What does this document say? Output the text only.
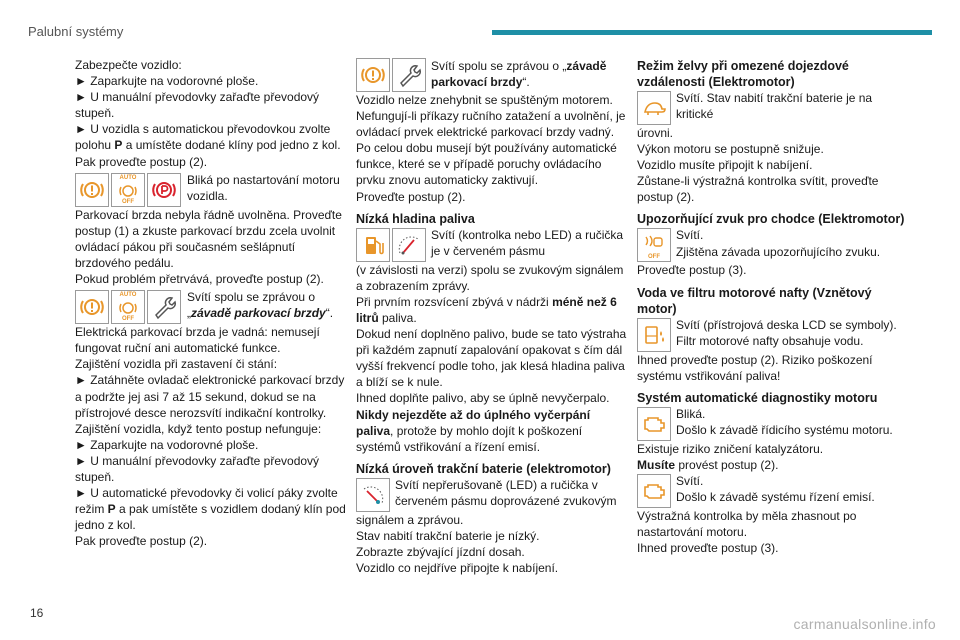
Palubní systémy

Zabezpečte vozidlo:

► Zaparkujte na vodorovné ploše.

► U manuální převodovky zařaďte převodový stupeň.

► U vozidla s automatickou převodovkou zvolte polohu P a umístěte dodané klíny pod jedno z kol.

Pak proveďte postup (2).

AUTO
OFF

Bliká po nastartování motoru vozidla.

Parkovací brzda nebyla řádně uvolněna. Proveďte postup (1) a zkuste parkovací brzdu zcela uvolnit ovládací pákou při současném sešlápnutí brzdového pedálu.

Pokud problém přetrvává, proveďte postup (2).

AUTO
OFF

Svítí spolu se zprávou o „závadě parkovací brzdy“.

Elektrická parkovací brzda je vadná: nemusejí fungovat ruční ani automatické funkce.

Zajištění vozidla při zastavení či stání:

► Zatáhněte ovladač elektronické parkovací brzdy a podržte jej asi 7 až 15 sekund, dokud se na přístrojové desce nerozsvítí indikační kontrolky.

Zajištění vozidla, když tento postup nefunguje:

► Zaparkujte na vodorovné ploše.

► U manuální převodovky zařaďte převodový stupeň.

► U automatické převodovky či volicí páky zvolte režim P a pak umístěte s vozidlem dodaný klín pod jedno z kol.

Pak proveďte postup (2).

Svítí spolu se zprávou o „závadě parkovací brzdy“.

Vozidlo nelze znehybnit se spuštěným motorem. Nefungují-li příkazy ručního zatažení a uvolnění, je ovládací prvek elektrické parkovací brzdy vadný.

Po celou dobu musejí být používány automatické funkce, které se v případě poruchy ovládacího prvku znovu automaticky zaktivují.

Proveďte postup (2).

Nízká hladina paliva

Svítí (kontrolka nebo LED) a ručička je v červeném pásmu

(v závislosti na verzi) spolu se zvukovým signálem a zobrazením zprávy.

Při prvním rozsvícení zbývá v nádrži méně než 6 litrů paliva.

Dokud není doplněno palivo, bude se tato výstraha při každém zapnutí zapalování opakovat s čím dál vyšší frekvencí podle toho, jak klesá hladina paliva a blíží se k nule.

Ihned doplňte palivo, aby se úplně nevyčerpalo.

Nikdy nejezděte až do úplného vyčerpání paliva, protože by mohlo dojít k poškození systémů vstřikování a řízení emisí.

Nízká úroveň trakční baterie (elektromotor)

Svítí nepřerušovaně (LED) a ručička v červeném pásmu doprovázené zvukovým

signálem a zprávou.

Stav nabití trakční baterie je nízký.

Zobrazte zbývající jízdní dosah.

Vozidlo co nejdříve připojte k nabíjení.

Režim želvy při omezené dojezdové vzdálenosti (Elektromotor)

Svítí. Stav nabití trakční baterie je na kritické

úrovni.

Výkon motoru se postupně snižuje.

Vozidlo musíte připojit k nabíjení.

Zůstane-li výstražná kontrolka svítit, proveďte postup (2).

Upozorňující zvuk pro chodce (Elektromotor)

OFF

Svítí.

Zjištěna závada upozorňujícího zvuku.

Proveďte postup (3).

Voda ve filtru motorové nafty (Vznětový motor)

Svítí (přístrojová deska LCD se symboly). Filtr motorové nafty obsahuje vodu.

Ihned proveďte postup (2). Riziko poškození systému vstřikování paliva!

Systém automatické diagnostiky motoru

Bliká.

Došlo k závadě řídicího systému motoru.

Existuje riziko zničení katalyzátoru.

Musíte provést postup (2).

Svítí.

Došlo k závadě systému řízení emisí.

Výstražná kontrolka by měla zhasnout po nastartování motoru.

Ihned proveďte postup (3).

16
carmanualsonline.info
